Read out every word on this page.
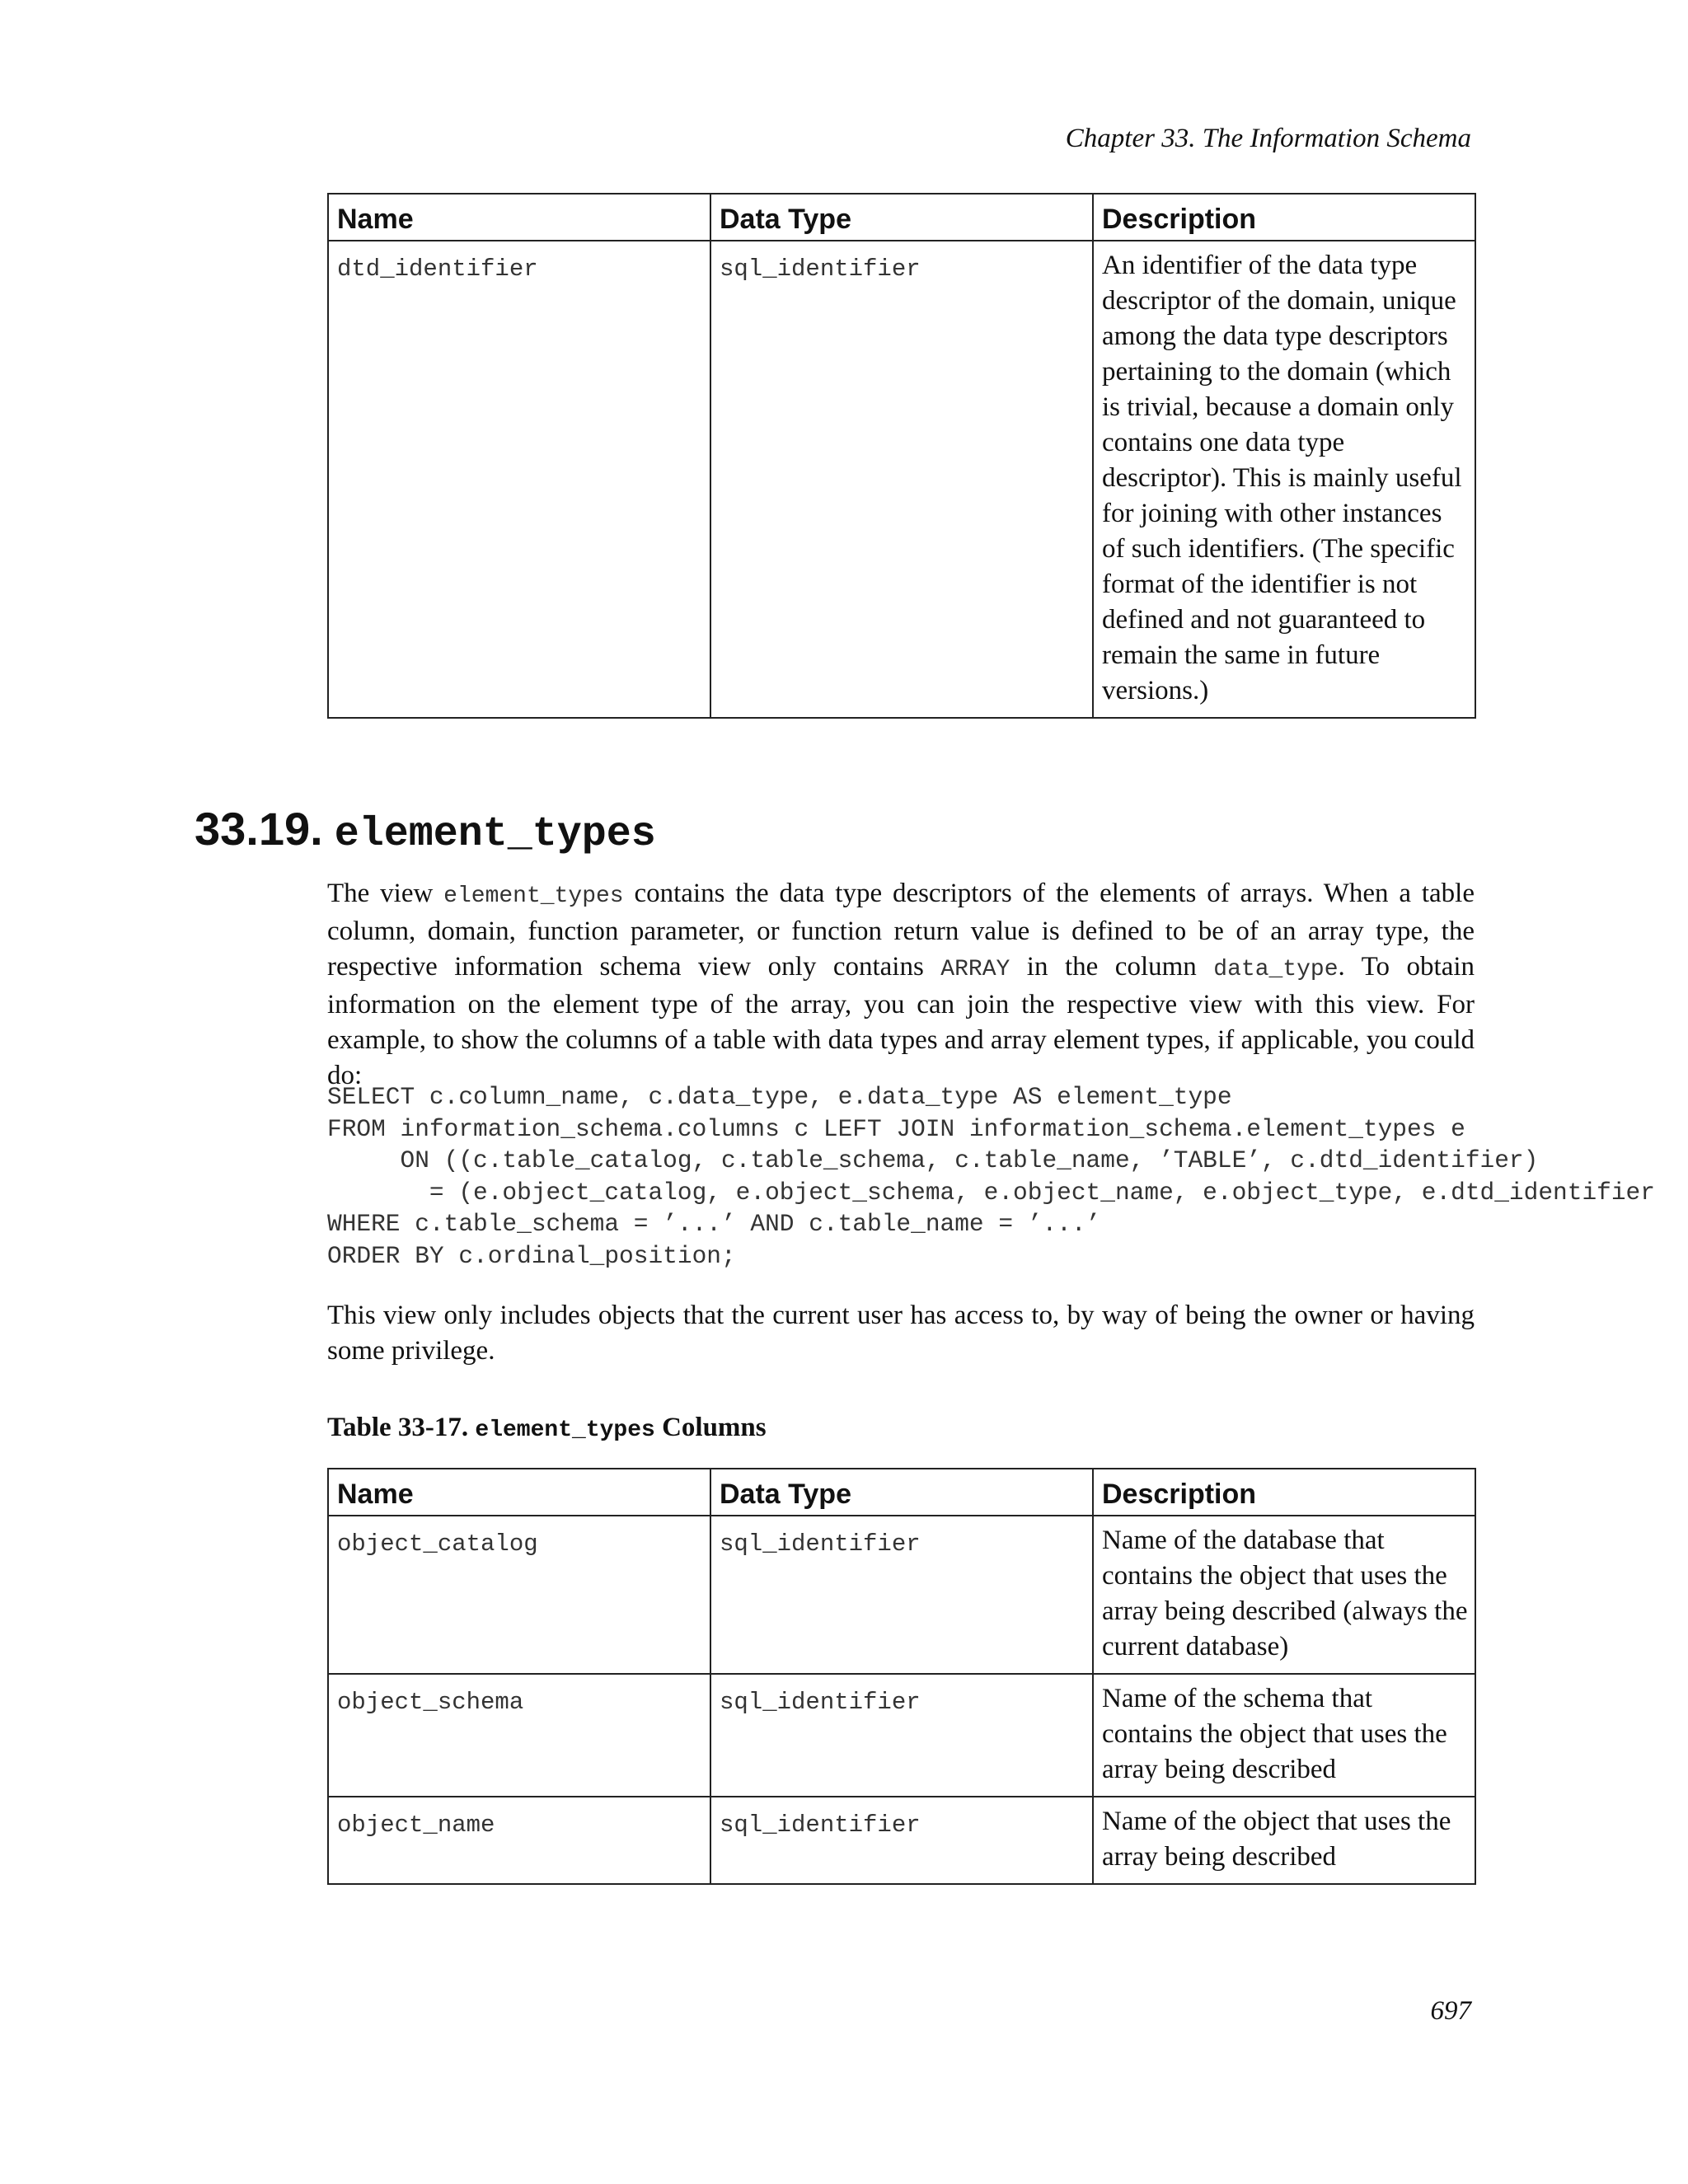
Chapter 33. The Information Schema
Name	Data Type	Description
dtd_identifier	sql_identifier	An identifier of the data type descriptor of the domain, unique among the data type descriptors pertaining to the domain (which is trivial, because a domain only contains one data type descriptor). This is mainly useful for joining with other instances of such identifiers. (The specific format of the identifier is not defined and not guaranteed to remain the same in future versions.)
33.19. element_types

The view element_types contains the data type descriptors of the elements of arrays. When a table column, domain, function parameter, or function return value is defined to be of an array type, the respective information schema view only contains ARRAY in the column data_type. To obtain information on the element type of the array, you can join the respective view with this view. For example, to show the columns of a table with data types and array element types, if applicable, you could do:

SELECT c.column_name, c.data_type, e.data_type AS element_type
FROM information_schema.columns c LEFT JOIN information_schema.element_types e
ON ((c.table_catalog, c.table_schema, c.table_name, ’TABLE’, c.dtd_identifier)
= (e.object_catalog, e.object_schema, e.object_name, e.object_type, e.dtd_identifier
WHERE c.table_schema = ’...’ AND c.table_name = ’...’
ORDER BY c.ordinal_position;

This view only includes objects that the current user has access to, by way of being the owner or having some privilege.

Table 33-17. element_types Columns
Name	Data Type	Description
object_catalog	sql_identifier	Name of the database that contains the object that uses the array being described (always the current database)
object_schema	sql_identifier	Name of the schema that contains the object that uses the array being described
object_name	sql_identifier	Name of the object that uses the array being described
697
